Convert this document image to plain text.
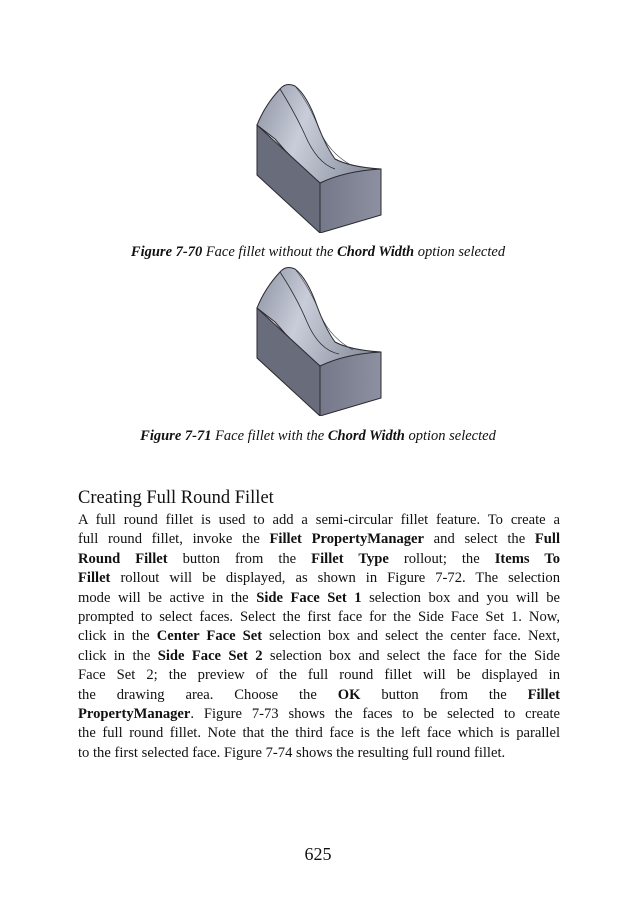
Figure 7-70 Face fillet without the Chord Width option selected
Figure 7-71 Face fillet with the Chord Width option selected
Creating Full Round Fillet
A full round fillet is used to add a semi-circular fillet feature. To create a
full round fillet, invoke the Fillet PropertyManager and select the Full
Round Fillet button from the Fillet Type rollout; the Items To
Fillet rollout will be displayed, as shown in Figure 7-72. The selection
mode will be active in the Side Face Set 1 selection box and you will be
prompted to select faces. Select the first face for the Side Face Set 1. Now,
click in the Center Face Set selection box and select the center face. Next,
click in the Side Face Set 2 selection box and select the face for the Side
Face Set 2; the preview of the full round fillet will be displayed in
the drawing area. Choose the OK button from the Fillet
PropertyManager. Figure 7-73 shows the faces to be selected to create
the full round fillet. Note that the third face is the left face which is parallel
to the first selected face. Figure 7-74 shows the resulting full round fillet.
625
